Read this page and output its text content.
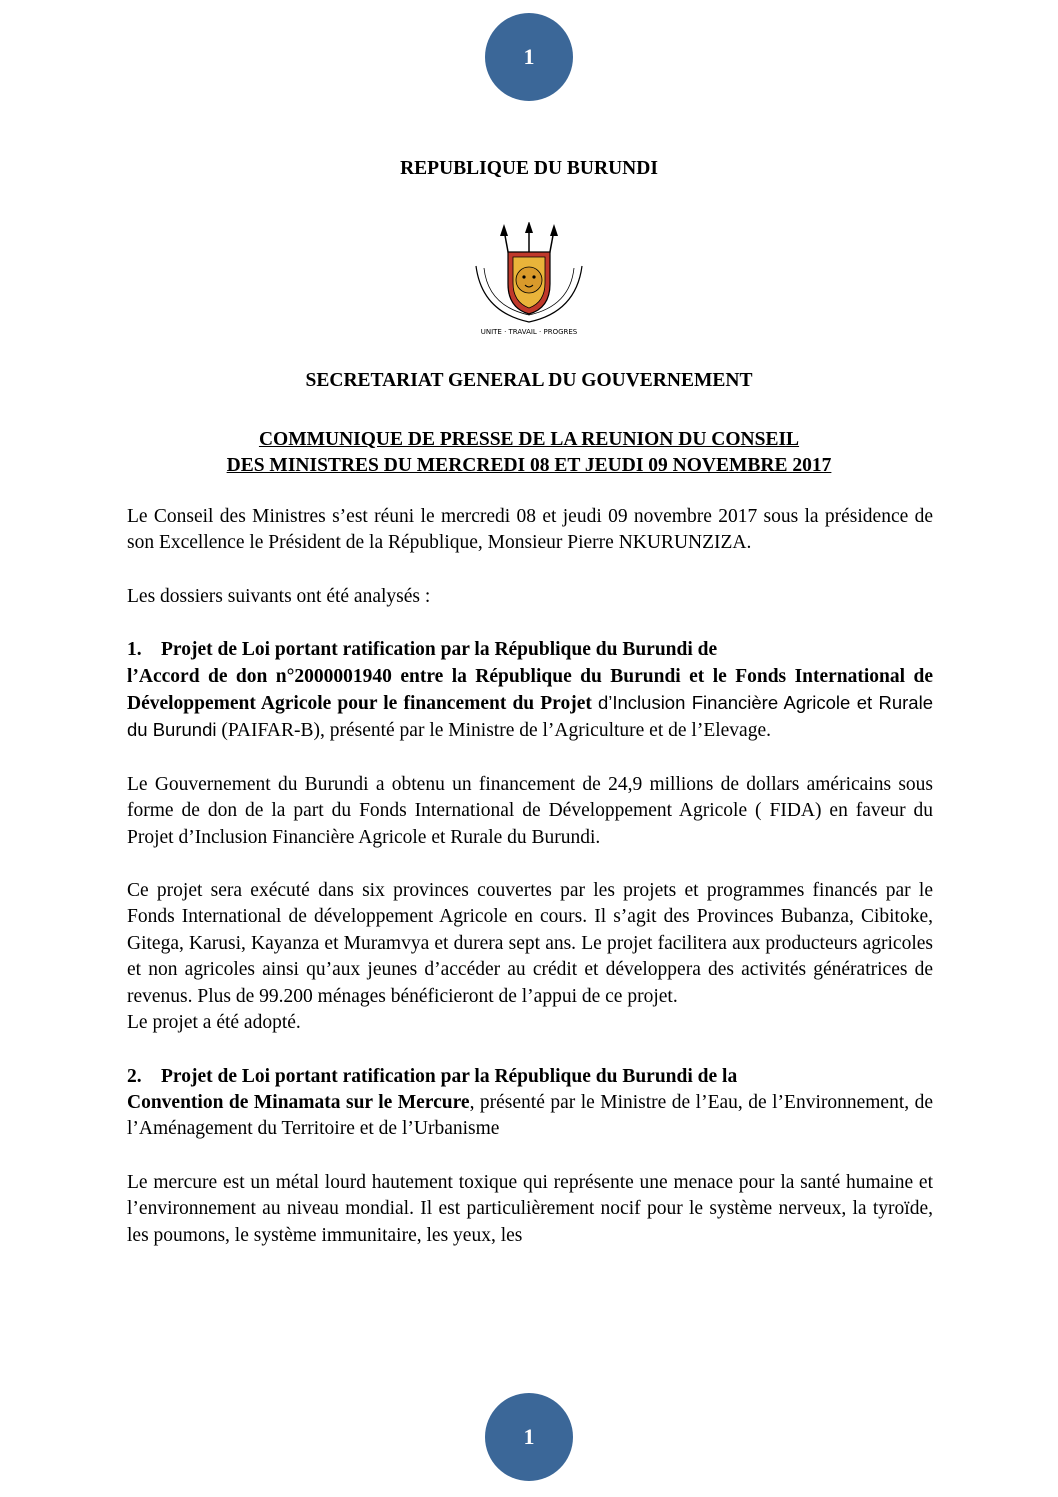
1
REPUBLIQUE DU BURUNDI
UNITE · TRAVAIL · PROGRES
SECRETARIAT GENERAL DU GOUVERNEMENT
COMMUNIQUE DE PRESSE DE LA REUNION DU CONSEIL
DES MINISTRES DU MERCREDI 08 ET JEUDI 09 NOVEMBRE 2017

Le Conseil des Ministres s’est réuni le mercredi 08 et jeudi 09 novembre 2017 sous la présidence de son Excellence le Président de la République, Monsieur Pierre NKURUNZIZA.

Les dossiers suivants ont été analysés :

1. Projet de Loi portant ratification par la République du Burundi de
l’Accord de don n°2000001940 entre la République du Burundi et le Fonds International de Développement Agricole pour le financement du Projet d’Inclusion Financière Agricole et Rurale du Burundi (PAIFAR-B), présenté par le Ministre de l’Agriculture et de l’Elevage.

Le Gouvernement du Burundi a obtenu un financement de 24,9 millions de dollars américains sous forme de don de la part du Fonds International de Développement Agricole ( FIDA) en faveur du Projet d’Inclusion Financière Agricole et Rurale du Burundi.

Ce projet sera exécuté dans six provinces couvertes par les projets et programmes financés par le Fonds International de développement Agricole en cours. Il s’agit des Provinces Bubanza, Cibitoke, Gitega, Karusi, Kayanza et Muramvya et durera sept ans. Le projet facilitera aux producteurs agricoles et non agricoles ainsi qu’aux jeunes d’accéder au crédit et développera des activités génératrices de revenus. Plus de 99.200 ménages bénéficieront de l’appui de ce projet.

Le projet a été adopté.

2. Projet de Loi portant ratification par la République du Burundi de la
Convention de Minamata sur le Mercure, présenté par le Ministre de l’Eau, de l’Environnement, de l’Aménagement du Territoire et de l’Urbanisme

Le mercure est un métal lourd hautement toxique qui représente une menace pour la santé humaine et l’environnement au niveau mondial. Il est particulièrement nocif pour le système nerveux, la tyroïde, les poumons, le système immunitaire, les yeux, les

1
